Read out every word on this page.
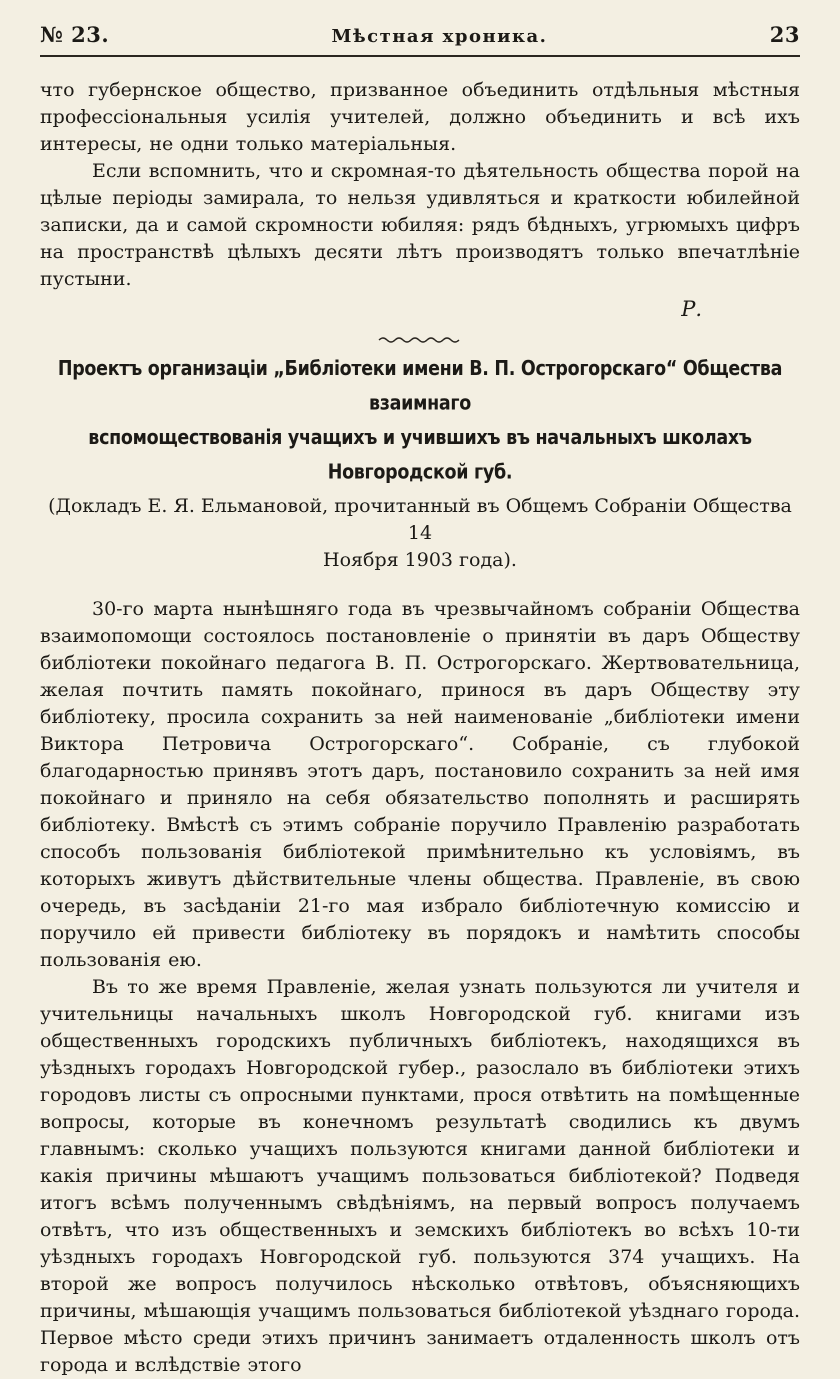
№ 23.	Мѣстная хроника.	23

что губернское общество, призванное объединить отдѣльныя мѣстныя профессіональныя усилія учителей, должно объединить и всѣ ихъ интересы, не одни только матеріальныя.

Если вспомнить, что и скромная-то дѣятельность общества порой на цѣлые періоды замирала, то нельзя удивляться и краткости юбилейной записки, да и самой скромности юбиляя: рядъ бѣдныхъ, угрюмыхъ цифръ на пространствѣ цѣлыхъ десяти лѣтъ производятъ только впечатлѣніе пустыни.

Р.
Проектъ организаціи „Библіотеки имени В. П. Острогорскаго“ Общества взаимнаго
вспомоществованія учащихъ и учившихъ въ начальныхъ школахъ Новгородской губ.
(Докладъ Е. Я. Ельмановой, прочитанный въ Общемъ Собраніи Общества 14
Ноября 1903 года).

30-го марта нынѣшняго года въ чрезвычайномъ собраніи Общества взаимопомощи состоялось постановленіе о принятіи въ даръ Обществу библіотеки покойнаго педагога В. П. Острогорскаго. Жертвовательница, желая почтить память покойнаго, принося въ даръ Обществу эту библіотеку, просила сохранить за ней наименованіе „библіотеки имени Виктора Петровича Острогорскаго“. Собраніе, съ глубокой благодарностью принявъ этотъ даръ, постановило сохранить за ней имя покойнаго и приняло на себя обязательство пополнять и расширять библіотеку. Вмѣстѣ съ этимъ собраніе поручило Правленію разработать способъ пользованія библіотекой примѣнительно къ условіямъ, въ которыхъ живутъ дѣйствительные члены общества. Правленіе, въ свою очередь, въ засѣданіи 21-го мая избрало библіотечную комиссію и поручило ей привести библіотеку въ порядокъ и намѣтить способы пользованія ею.

Въ то же время Правленіе, желая узнать пользуются ли учителя и учительницы начальныхъ школъ Новгородской губ. книгами изъ общественныхъ городскихъ публичныхъ библіотекъ, находящихся въ уѣздныхъ городахъ Новгородской губер., разослало въ библіотеки этихъ городовъ листы съ опросными пунктами, прося отвѣтить на помѣщенные вопросы, которые въ конечномъ результатѣ сводились къ двумъ главнымъ: сколько учащихъ пользуются книгами данной библіотеки и какія причины мѣшаютъ учащимъ пользоваться библіотекой? Подведя итогъ всѣмъ полученнымъ свѣдѣніямъ, на первый вопросъ получаемъ отвѣтъ, что изъ общественныхъ и земскихъ библіотекъ во всѣхъ 10-ти уѣздныхъ городахъ Новгородской губ. пользуются 374 учащихъ. На второй же вопросъ получилось нѣсколько отвѣтовъ, объясняющихъ причины, мѣшающія учащимъ пользоваться библіотекой уѣзднаго города. Первое мѣсто среди этихъ причинъ занимаетъ отдаленность школъ отъ города и вслѣдствіе этого
